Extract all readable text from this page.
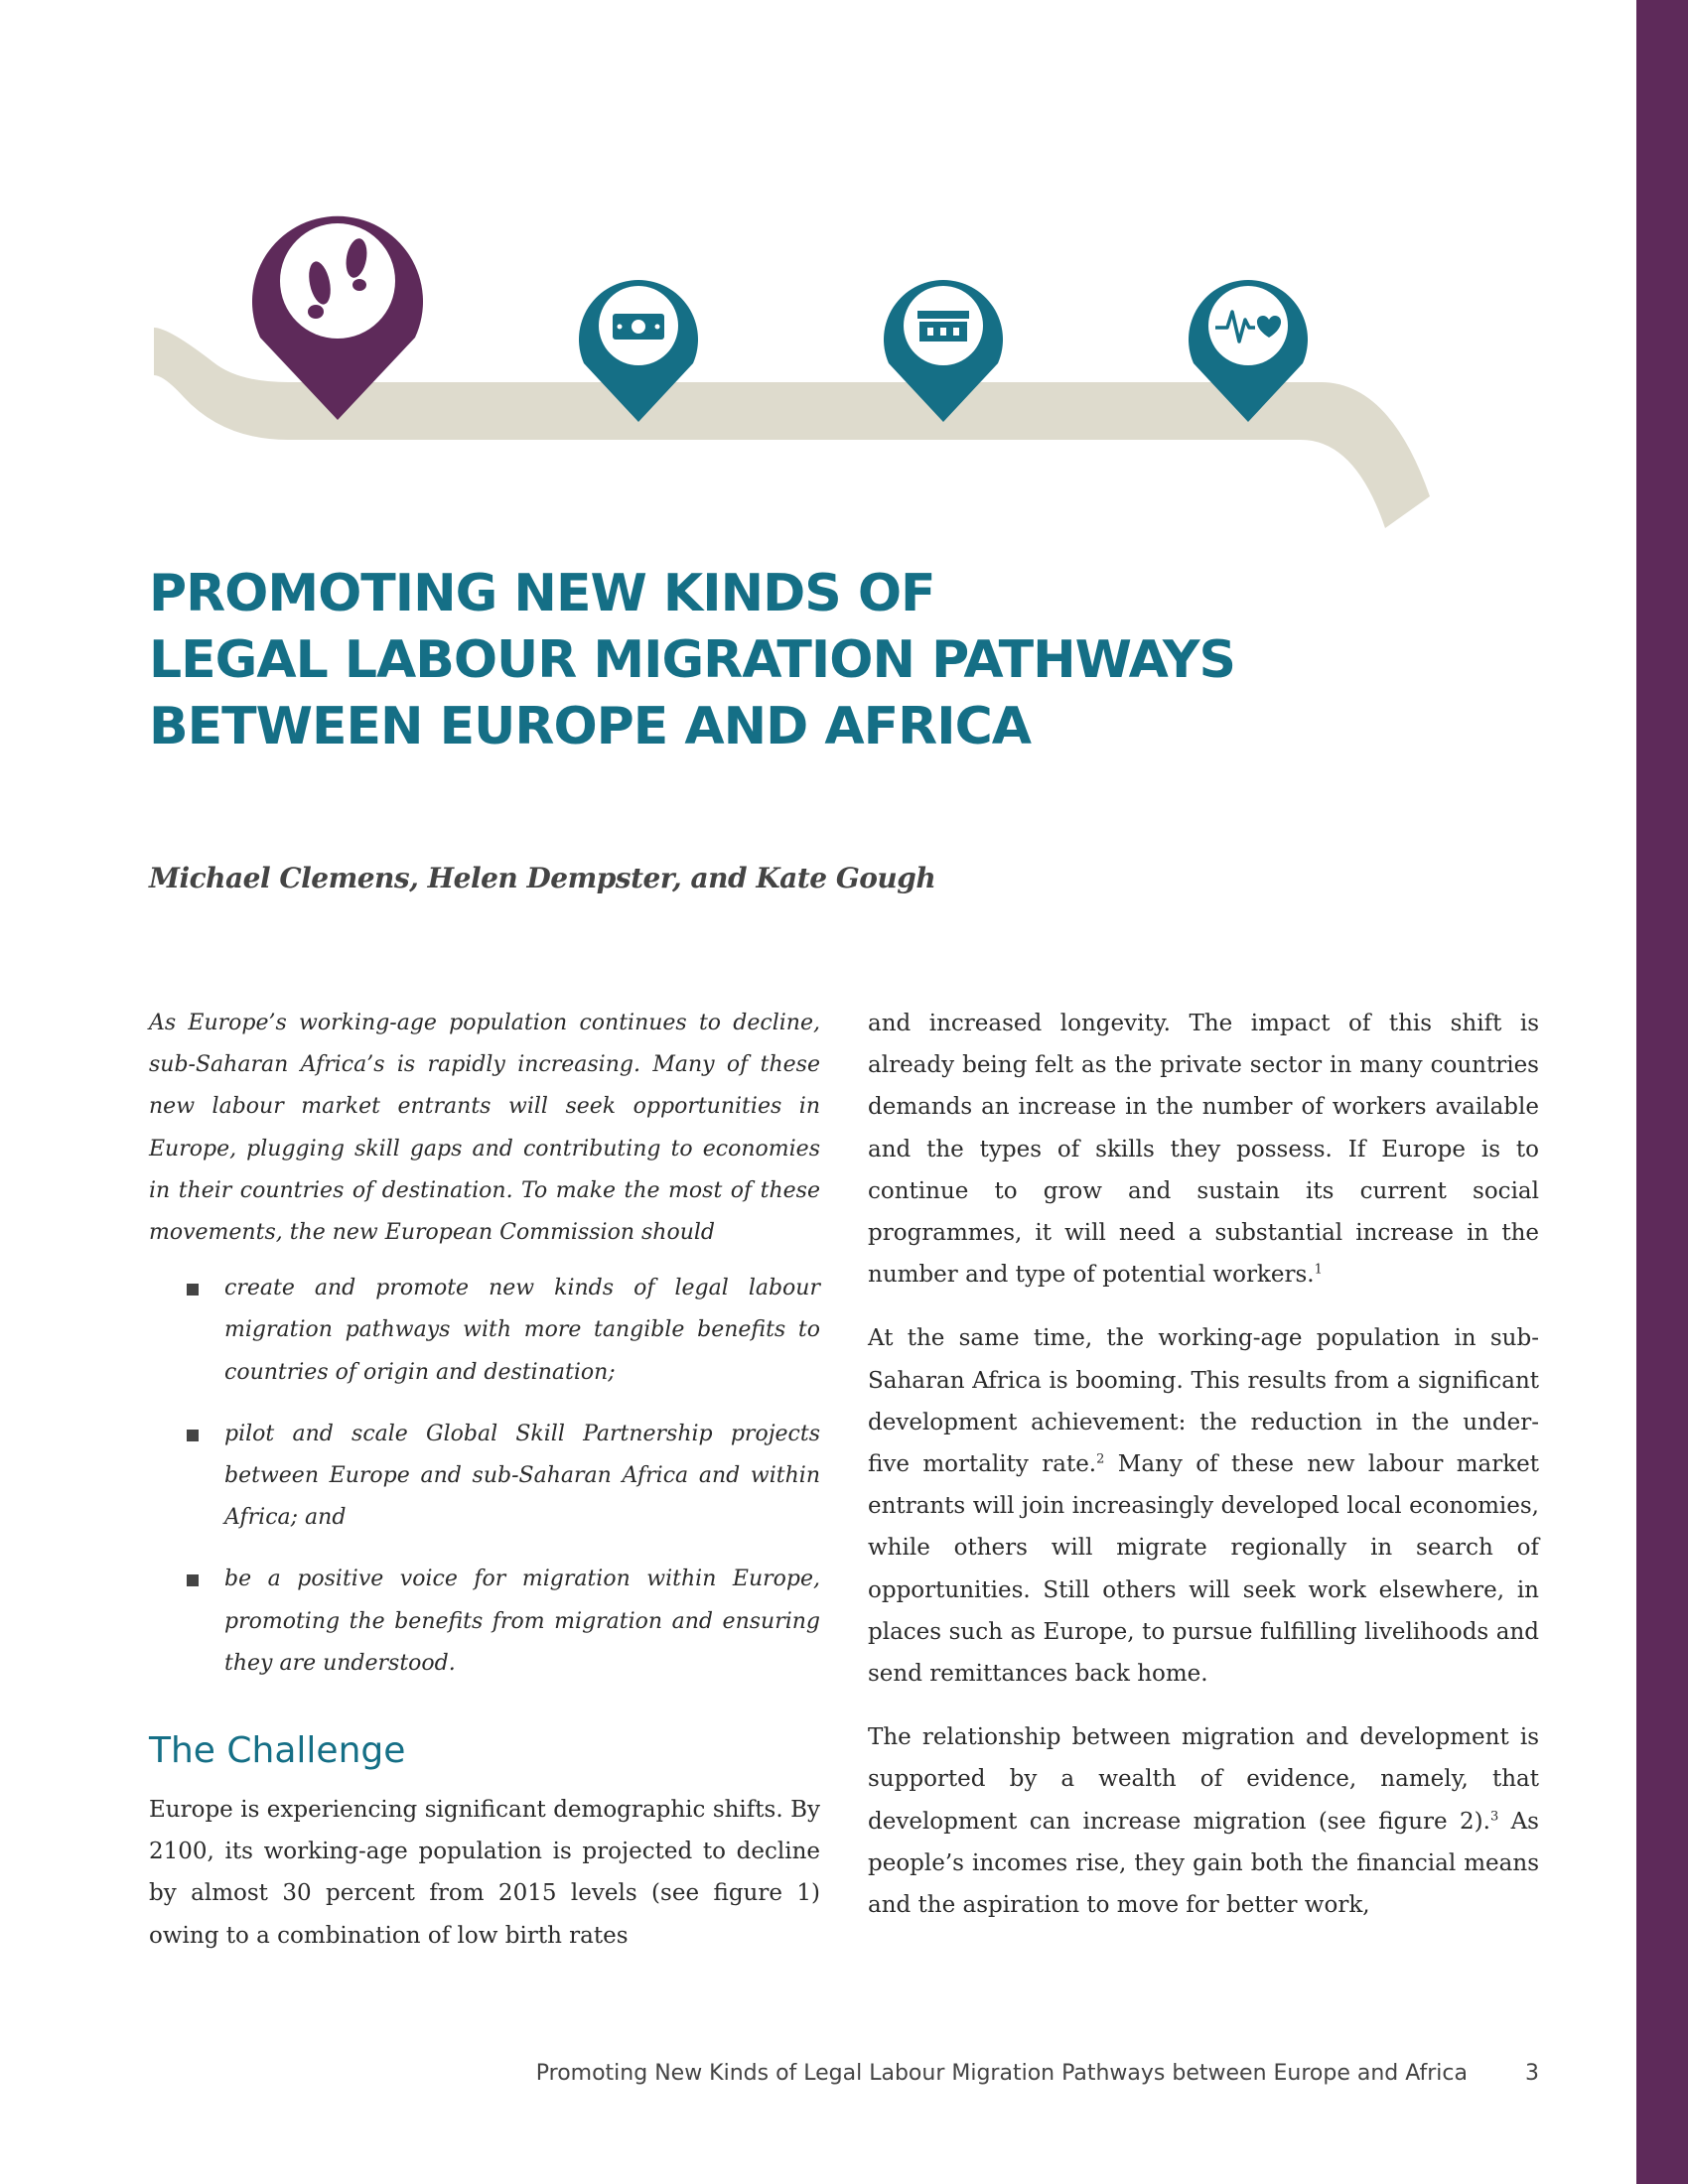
PROMOTING NEW KINDS OF
LEGAL LABOUR MIGRATION PATHWAYS
BETWEEN EUROPE AND AFRICA
Michael Clemens, Helen Dempster, and Kate Gough

As Europe’s working-age population continues to decline, sub-Saharan Africa’s is rapidly increasing. Many of these new labour market entrants will seek opportunities in Europe, plugging skill gaps and contributing to economies in their countries of destination. To make the most of these movements, the new European Commission should

create and promote new kinds of legal labour migration pathways with more tangible benefits to countries of origin and destination;
pilot and scale Global Skill Partnership projects between Europe and sub-Saharan Africa and within Africa; and
be a positive voice for migration within Europe, promoting the benefits from migration and ensuring they are understood.
The Challenge

Europe is experiencing significant demographic shifts. By 2100, its working-age population is projected to decline by almost 30 percent from 2015 levels (see figure 1) owing to a combination of low birth rates

and increased longevity. The impact of this shift is already being felt as the private sector in many countries demands an increase in the number of workers available and the types of skills they possess. If Europe is to continue to grow and sustain its current social programmes, it will need a substantial increase in the number and type of potential workers.$^1$

At the same time, the working-age population in sub-Saharan Africa is booming. This results from a significant development achievement: the reduction in the under-five mortality rate.$^2$ Many of these new labour market entrants will join increasingly developed local economies, while others will migrate regionally in search of opportunities. Still others will seek work elsewhere, in places such as Europe, to pursue fulfilling livelihoods and send remittances back home.

The relationship between migration and development is supported by a wealth of evidence, namely, that development can increase migration (see figure 2).$^3$ As people’s incomes rise, they gain both the financial means and the aspiration to move for better work,

Promoting New Kinds of Legal Labour Migration Pathways between Europe and Africa	3
